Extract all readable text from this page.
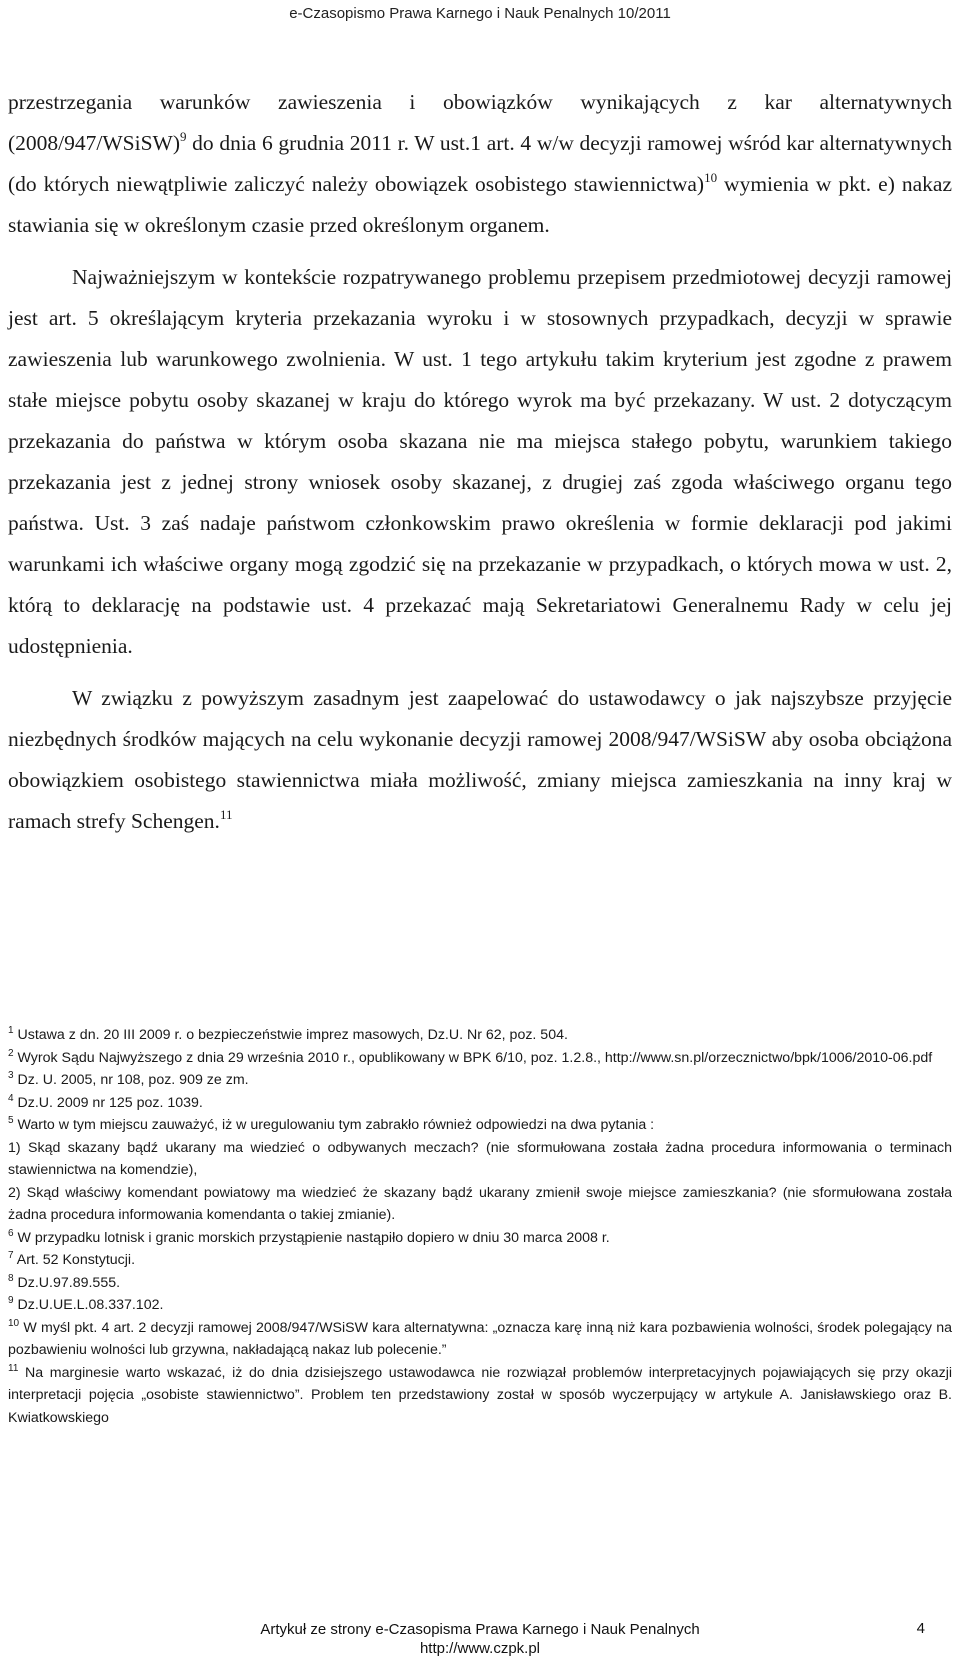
e-Czasopismo Prawa Karnego i Nauk Penalnych 10/2011

przestrzegania warunków zawieszenia i obowiązków wynikających z kar alternatywnych (2008/947/WSiSW)$^9$ do dnia 6 grudnia 2011 r. W ust.1 art. 4 w/w decyzji ramowej wśród kar alternatywnych (do których niewątpliwie zaliczyć należy obowiązek osobistego stawiennictwa)$^{10}$ wymienia w pkt. e) nakaz stawiania się w określonym czasie przed określonym organem.

Najważniejszym w kontekście rozpatrywanego problemu przepisem przedmiotowej decyzji ramowej jest art. 5 określającym kryteria przekazania wyroku i w stosownych przypadkach, decyzji w sprawie zawieszenia lub warunkowego zwolnienia. W ust. 1 tego artykułu takim kryterium jest zgodne z prawem stałe miejsce pobytu osoby skazanej w kraju do którego wyrok ma być przekazany. W ust. 2 dotyczącym przekazania do państwa w którym osoba skazana nie ma miejsca stałego pobytu, warunkiem takiego przekazania jest z jednej strony wniosek osoby skazanej, z drugiej zaś zgoda właściwego organu tego państwa. Ust. 3 zaś nadaje państwom członkowskim prawo określenia w formie deklaracji pod jakimi warunkami ich właściwe organy mogą zgodzić się na przekazanie w przypadkach, o których mowa w ust. 2, którą to deklarację na podstawie ust. 4 przekazać mają Sekretariatowi Generalnemu Rady w celu jej udostępnienia.

W związku z powyższym zasadnym jest zaapelować do ustawodawcy o jak najszybsze przyjęcie niezbędnych środków mających na celu wykonanie decyzji ramowej 2008/947/WSiSW aby osoba obciążona obowiązkiem osobistego stawiennictwa miała możliwość, zmiany miejsca zamieszkania na inny kraj w ramach strefy Schengen.$^{11}$

$^1$ Ustawa z dn. 20 III 2009 r. o bezpieczeństwie imprez masowych, Dz.U. Nr 62, poz. 504.

$^2$ Wyrok Sądu Najwyższego z dnia 29 września 2010 r., opublikowany w BPK 6/10, poz. 1.2.8., http://www.sn.pl/orzecznictwo/bpk/1006/2010-06.pdf

$^3$ Dz. U. 2005, nr 108, poz. 909 ze zm.

$^4$ Dz.U. 2009 nr 125 poz. 1039.

$^5$ Warto w tym miejscu zauważyć, iż w uregulowaniu tym zabrakło również odpowiedzi na dwa pytania :

1) Skąd skazany bądź ukarany ma wiedzieć o odbywanych meczach? (nie sformułowana została żadna procedura informowania o terminach stawiennictwa na komendzie),

2) Skąd właściwy komendant powiatowy ma wiedzieć że skazany bądź ukarany zmienił swoje miejsce zamieszkania? (nie sformułowana została żadna procedura informowania komendanta o takiej zmianie).

$^6$ W przypadku lotnisk i granic morskich przystąpienie nastąpiło dopiero w dniu 30 marca 2008 r.

$^7$ Art. 52 Konstytucji.

$^8$ Dz.U.97.89.555.

$^9$ Dz.U.UE.L.08.337.102.

$^{10}$ W myśl pkt. 4 art. 2 decyzji ramowej 2008/947/WSiSW kara alternatywna: „oznacza karę inną niż kara pozbawienia wolności, środek polegający na pozbawieniu wolności lub grzywna, nakładającą nakaz lub polecenie.”

$^{11}$ Na marginesie warto wskazać, iż do dnia dzisiejszego ustawodawca nie rozwiązał problemów interpretacyjnych pojawiających się przy okazji interpretacji pojęcia „osobiste stawiennictwo”. Problem ten przedstawiony został w sposób wyczerpujący w artykule A. Janisławskiego oraz B. Kwiatkowskiego

Artykuł ze strony e-Czasopisma Prawa Karnego i Nauk Penalnych
http://www.czpk.pl
4
